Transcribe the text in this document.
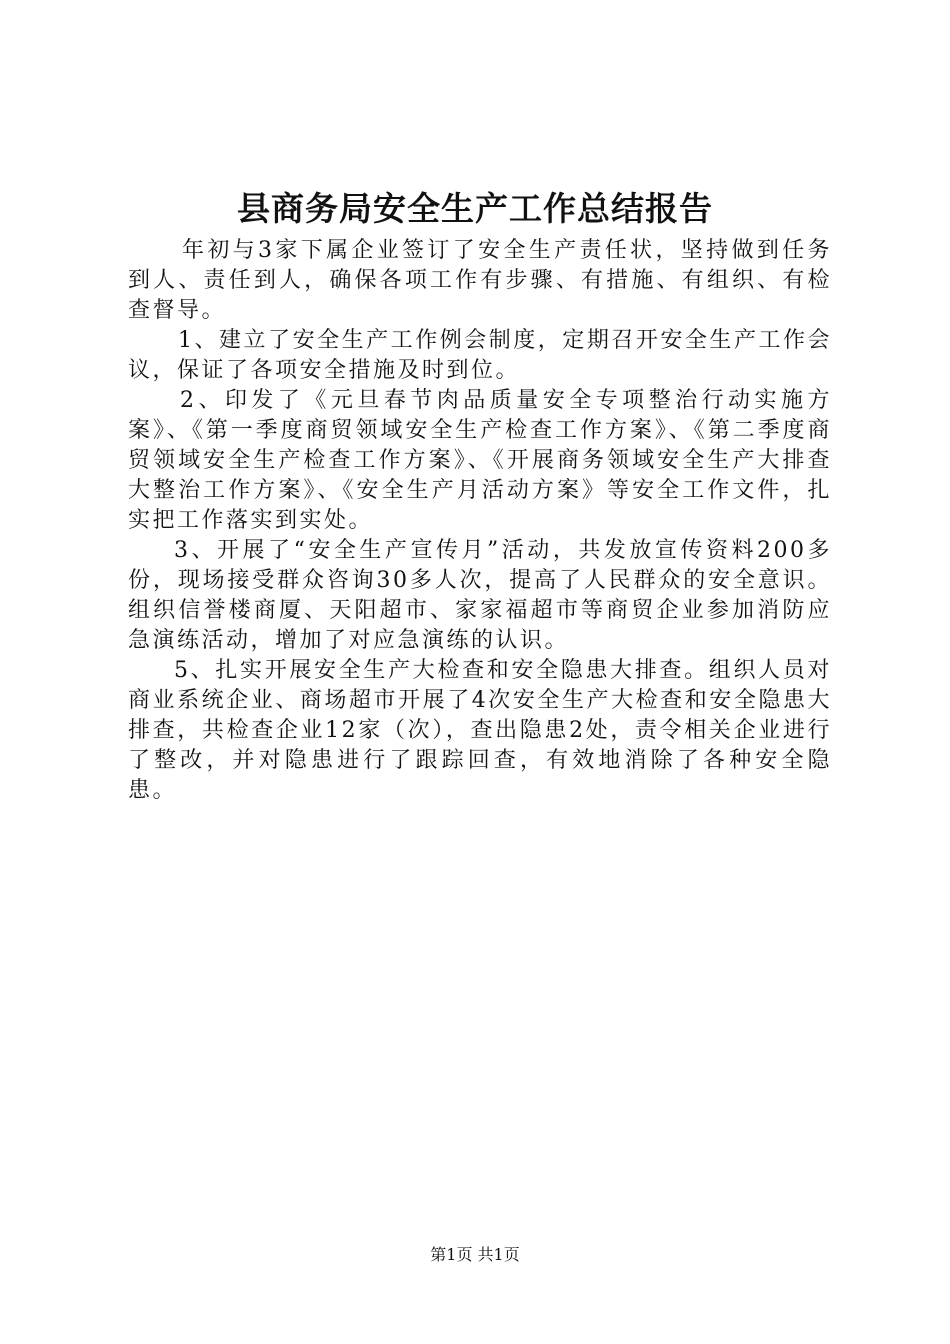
县商务局安全生产工作总结报告

年初与3家下属企业签订了安全生产责任状，坚持做到任务到人、责任到人，确保各项工作有步骤、有措施、有组织、有检查督导。

1、建立了安全生产工作例会制度，定期召开安全生产工作会议，保证了各项安全措施及时到位。

2、印发了《元旦春节肉品质量安全专项整治行动实施方案》、《第一季度商贸领域安全生产检查工作方案》、《第二季度商贸领域安全生产检查工作方案》、《开展商务领域安全生产大排查大整治工作方案》、《安全生产月活动方案》等安全工作文件，扎实把工作落实到实处。

3、开展了“安全生产宣传月”活动，共发放宣传资料200多份，现场接受群众咨询30多人次，提高了人民群众的安全意识。组织信誉楼商厦、天阳超市、家家福超市等商贸企业参加消防应急演练活动，增加了对应急演练的认识。

5、扎实开展安全生产大检查和安全隐患大排查。组织人员对商业系统企业、商场超市开展了4次安全生产大检查和安全隐患大排查，共检查企业12家（次），查出隐患2处，责令相关企业进行了整改，并对隐患进行了跟踪回查，有效地消除了各种安全隐患。

第1页 共1页
